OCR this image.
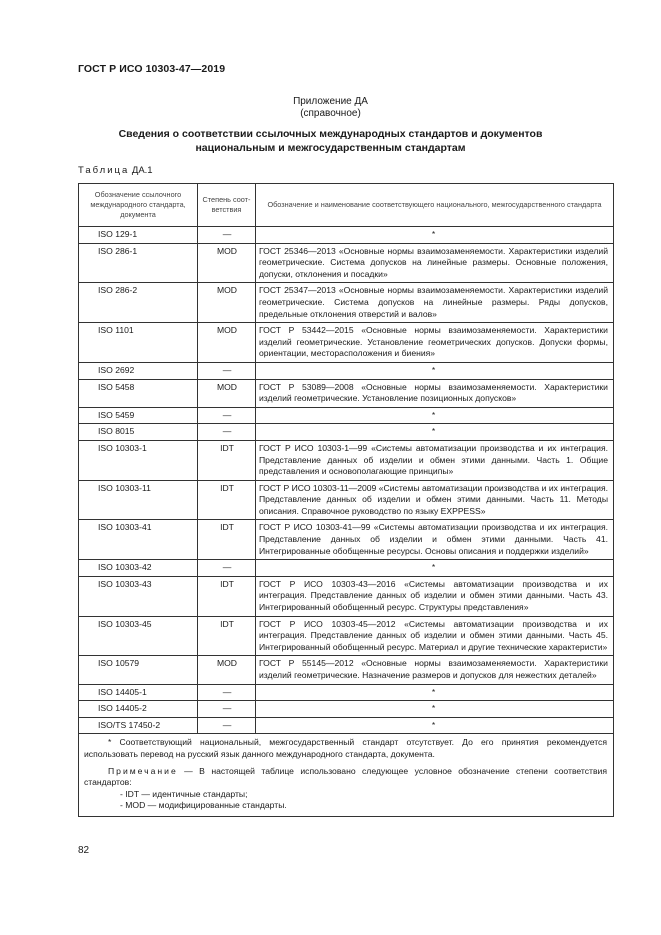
ГОСТ Р ИСО 10303-47—2019
Приложение ДА
(справочное)
Сведения о соответствии ссылочных международных стандартов и документов национальным и межгосударственным стандартам
Таблица ДА.1
Обозначение ссылочного международного стандарта, документа	Степень соот-ветствия	Обозначение и наименование соответствующего национального, межгосударственного стандарта
ISO 129-1	—	*
ISO 286-1	MOD	ГОСТ 25346—2013 «Основные нормы взаимозаменяемости. Характеристики изделий геометрические. Система допусков на линейные размеры. Основные положения, допуски, отклонения и посадки»
ISO 286-2	MOD	ГОСТ 25347—2013 «Основные нормы взаимозаменяемости. Характеристики изделий геометрические. Система допусков на линейные размеры. Ряды допусков, предельные отклонения отверстий и валов»
ISO 1101	MOD	ГОСТ Р 53442—2015 «Основные нормы взаимозаменяемости. Характеристики изделий геометрические. Установление геометрических допусков. Допуски формы, ориентации, месторасположения и биения»
ISO 2692	—	*
ISO 5458	MOD	ГОСТ Р 53089—2008 «Основные нормы взаимозаменяемости. Характеристики изделий геометрические. Установление позиционных допусков»
ISO 5459	—	*
ISO 8015	—	*
ISO 10303-1	IDT	ГОСТ Р ИСО 10303-1—99 «Системы автоматизации производства и их интеграция. Представление данных об изделии и обмен этими данными. Часть 1. Общие представления и основополагающие принципы»
ISO 10303-11	IDT	ГОСТ Р ИСО 10303-11—2009 «Системы автоматизации производства и их интеграция. Представление данных об изделии и обмен этими данными. Часть 11. Методы описания. Справочное руководство по языку EXPPESS»
ISO 10303-41	IDT	ГОСТ Р ИСО 10303-41—99 «Системы автоматизации производства и их интеграция. Представление данных об изделии и обмен этими данными. Часть 41. Интегрированные обобщенные ресурсы. Основы описания и поддержки изделий»
ISO 10303-42	—	*
ISO 10303-43	IDT	ГОСТ Р ИСО 10303-43—2016 «Системы автоматизации производства и их интеграция. Представление данных об изделии и обмен этими данными. Часть 43. Интегрированный обобщенный ресурс. Структуры представления»
ISO 10303-45	IDT	ГОСТ Р ИСО 10303-45—2012 «Системы автоматизации производства и их интеграция. Представление данных об изделии и обмен этими данными. Часть 45. Интегрированный обобщенный ресурс. Материал и другие технические характеристи»
ISO 10579	MOD	ГОСТ Р 55145—2012 «Основные нормы взаимозаменяемости. Характеристики изделий геометрические. Назначение размеров и допусков для нежестких деталей»
ISO 14405-1	—	*
ISO 14405-2	—	*
ISO/TS 17450-2	—	*

* Соответствующий национальный, межгосударственный стандарт отсутствует. До его принятия рекомендуется использовать перевод на русский язык данного международного стандарта, документа.

Примечание — В настоящей таблице использовано следующее условное обозначение степени соответствия стандартов:

- IDT — идентичные стандарты;

- MOD — модифицированные стандарты.		

82
